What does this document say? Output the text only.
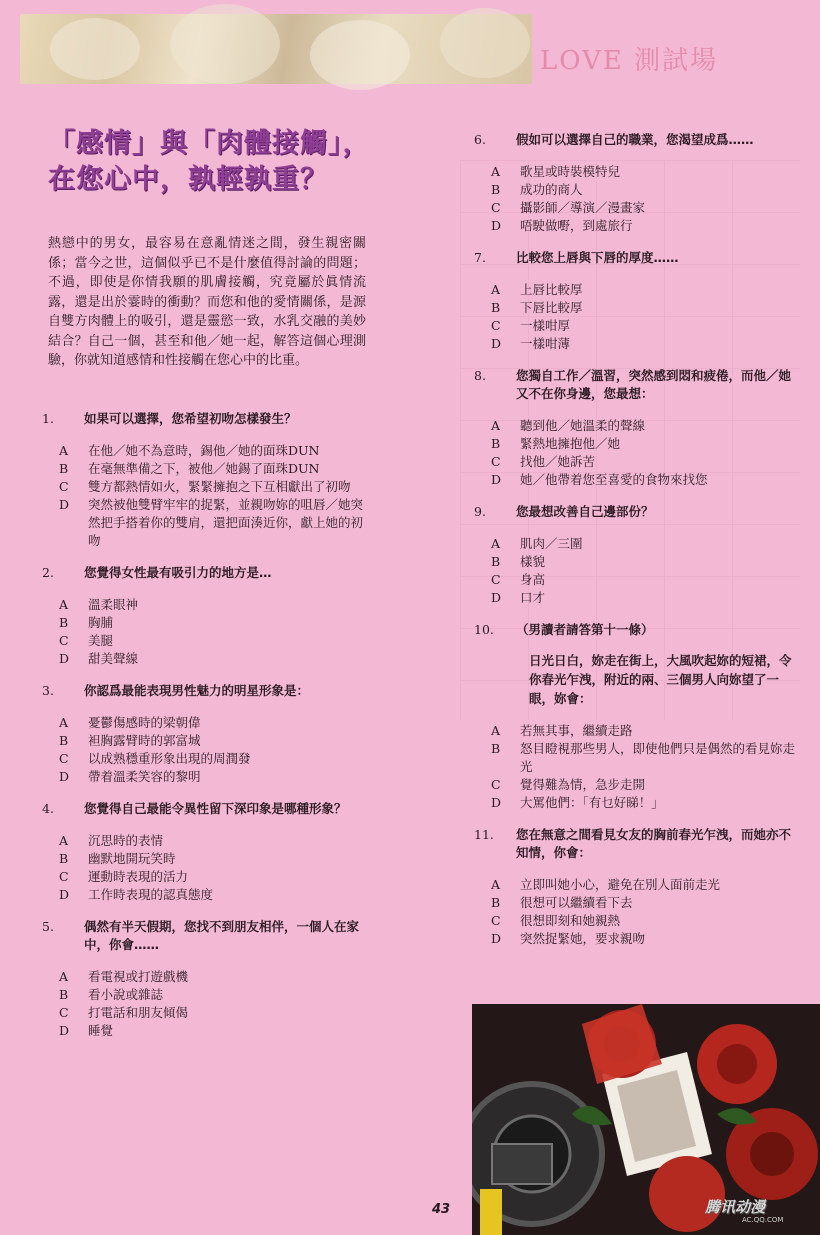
LOVE 測試場
「感情」與「肉體接觸」，在您心中，孰輕孰重？
熱戀中的男女，最容易在意亂情迷之間，發生親密關係；當今之世，這個似乎已不是什麼值得討論的問題；不過，即使是你情我願的肌膚接觸，究竟屬於眞情流露，還是出於霎時的衝動？而您和他的愛情關係，是源自雙方肉體上的吸引，還是靈慾一致，水乳交融的美妙結合？自己一個，甚至和他／她一起，解答這個心理測驗，你就知道感情和性接觸在您心中的比重。
1.	如果可以選擇，您希望初吻怎樣發生？
A	在他／她不為意時，錫他／她的面珠DUN
B	在毫無準備之下，被他／她錫了面珠DUN
C	雙方都熱情如火，緊緊擁抱之下互相獻出了初吻
D	突然被他雙臂牢牢的捉緊，並親吻妳的咀唇／她突然把手搭着你的雙肩，還把面湊近你，獻上她的初吻
2.	您覺得女性最有吸引力的地方是…
A	溫柔眼神
B	胸脯
C	美腿
D	甜美聲線
3.	你認爲最能表現男性魅力的明星形象是：
A	憂鬱傷感時的梁朝偉
B	袒胸露臂時的郭富城
C	以成熟穩重形象出現的周潤發
D	帶着溫柔笑容的黎明
4.	您覺得自己最能令異性留下深印象是哪種形象？
A	沉思時的表情
B	幽默地開玩笑時
C	運動時表現的活力
D	工作時表現的認真態度
5.	偶然有半天假期，您找不到朋友相伴，一個人在家中，你會……
A	看電視或打遊戲機
B	看小說或雜誌
C	打電話和朋友傾偈
D	睡覺
6.	假如可以選擇自己的職業，您渴望成爲……
A	歌星或時裝模特兒
B	成功的商人
C	攝影師／導演／漫畫家
D	唔駛做嘢，到處旅行
7.	比較您上唇與下唇的厚度……
A	上唇比較厚
B	下唇比較厚
C	一樣咁厚
D	一樣咁薄
8.	您獨自工作／溫習，突然感到悶和疲倦，而他／她又不在你身邊，您最想：
A	聽到他／她溫柔的聲線
B	緊熱地擁抱他／她
C	找他／她訴苦
D	她／他帶着您至喜愛的食物來找您
9.	您最想改善自己邊部份？
A	肌肉／三圍
B	樣貌
C	身高
D	口才
10.	（男讀者請答第十一條）
日光日白，妳走在街上，大風吹起妳的短裙，令你春光乍洩，附近的兩、三個男人向妳望了一眼，妳會：
A	若無其事，繼續走路
B	怒目瞪視那些男人，即使他們只是偶然的看見妳走光
C	覺得難為情，急步走開
D	大罵他們：「有乜好睇！」
11.	您在無意之間看見女友的胸前春光乍洩，而她亦不知情，你會：
A	立即叫她小心，避免在別人面前走光
B	很想可以繼續看下去
C	很想即刻和她親熱
D	突然捉緊她，要求親吻
43	腾讯动漫
AC.QQ.COM
